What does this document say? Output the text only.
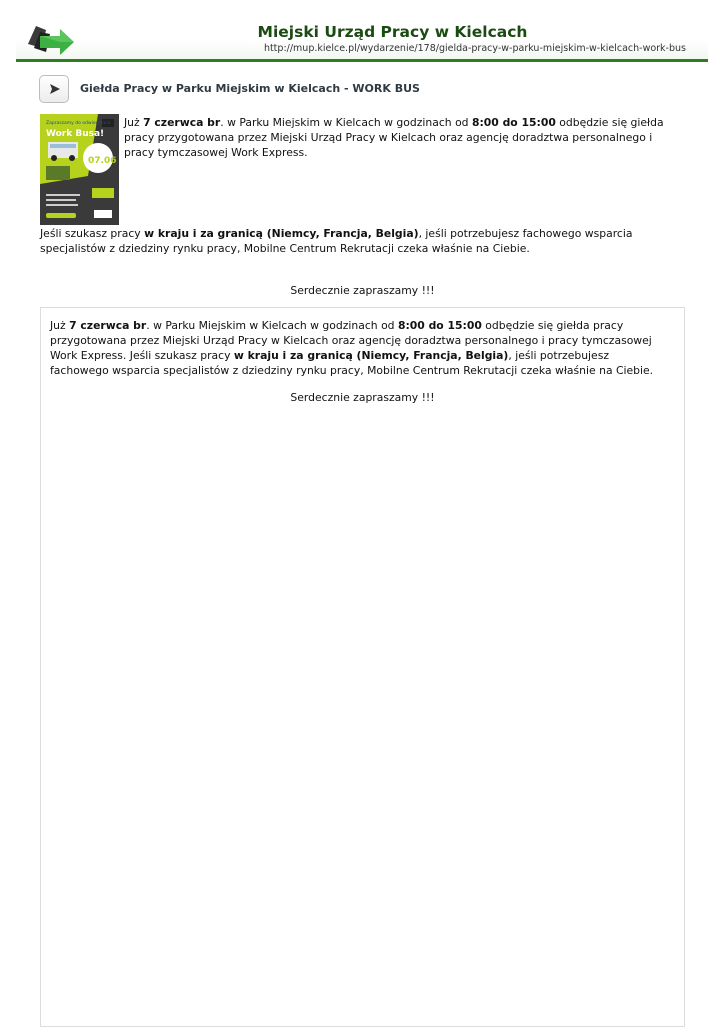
Miejski Urząd Pracy w Kielcach
http://mup.kielce.pl/wydarzenie/178/gielda-pracy-w-parku-miejskim-w-kielcach-work-bus
Giełda Pracy w Parku Miejskim w Kielcach - WORK BUS
Zapraszamy do odwiedzenia
Work Busa!
07.06
Już 7 czerwca br. w Parku Miejskim w Kielcach w godzinach od 8:00 do 15:00 odbędzie się giełda pracy przygotowana przez Miejski Urząd Pracy w Kielcach oraz agencję doradztwa personalnego i pracy tymczasowej Work Express.
Jeśli szukasz pracy w kraju i za granicą (Niemcy, Francja, Belgia), jeśli potrzebujesz fachowego wsparcia specjalistów z dziedziny rynku pracy, Mobilne Centrum Rekrutacji czeka właśnie na Ciebie.
Serdecznie zapraszamy !!!
Już 7 czerwca br. w Parku Miejskim w Kielcach w godzinach od 8:00 do 15:00 odbędzie się giełda pracy przygotowana przez Miejski Urząd Pracy w Kielcach oraz agencję doradztwa personalnego i pracy tymczasowej Work Express. Jeśli szukasz pracy w kraju i za granicą (Niemcy, Francja, Belgia), jeśli potrzebujesz fachowego wsparcia specjalistów z dziedziny rynku pracy, Mobilne Centrum Rekrutacji czeka właśnie na Ciebie.
Serdecznie zapraszamy !!!
